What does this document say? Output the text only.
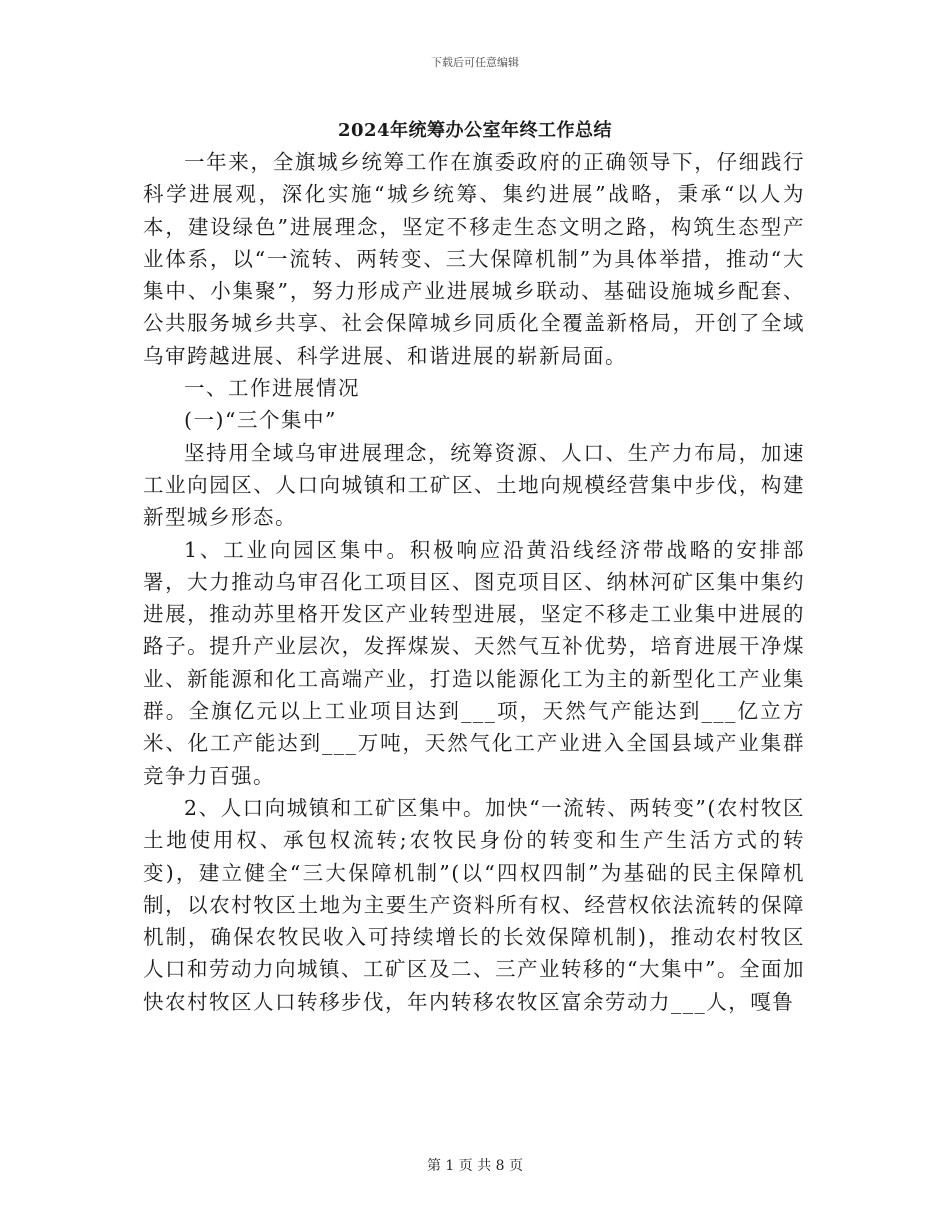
下载后可任意编辑
2024年统筹办公室年终工作总结

一年来，全旗城乡统筹工作在旗委政府的正确领导下，仔细践行科学进展观，深化实施“城乡统筹、集约进展”战略，秉承“以人为本，建设绿色”进展理念，坚定不移走生态文明之路，构筑生态型产业体系，以“一流转、两转变、三大保障机制”为具体举措，推动“大集中、小集聚”，努力形成产业进展城乡联动、基础设施城乡配套、公共服务城乡共享、社会保障城乡同质化全覆盖新格局，开创了全域乌审跨越进展、科学进展、和谐进展的崭新局面。

一、工作进展情况

(一)“三个集中”

坚持用全域乌审进展理念，统筹资源、人口、生产力布局，加速工业向园区、人口向城镇和工矿区、土地向规模经营集中步伐，构建新型城乡形态。

1、工业向园区集中。积极响应沿黄沿线经济带战略的安排部署，大力推动乌审召化工项目区、图克项目区、纳林河矿区集中集约进展，推动苏里格开发区产业转型进展，坚定不移走工业集中进展的路子。提升产业层次，发挥煤炭、天然气互补优势，培育进展干净煤业、新能源和化工高端产业，打造以能源化工为主的新型化工产业集群。全旗亿元以上工业项目达到___项，天然气产能达到___亿立方米、化工产能达到___万吨，天然气化工产业进入全国县域产业集群竞争力百强。

2、人口向城镇和工矿区集中。加快“一流转、两转变”(农村牧区土地使用权、承包权流转;农牧民身份的转变和生产生活方式的转变)，建立健全“三大保障机制”(以“四权四制”为基础的民主保障机制，以农村牧区土地为主要生产资料所有权、经营权依法流转的保障机制，确保农牧民收入可持续增长的长效保障机制)，推动农村牧区人口和劳动力向城镇、工矿区及二、三产业转移的“大集中”。全面加快农村牧区人口转移步伐，年内转移农牧区富余劳动力___人，嘎鲁

第 1 页 共 8 页
